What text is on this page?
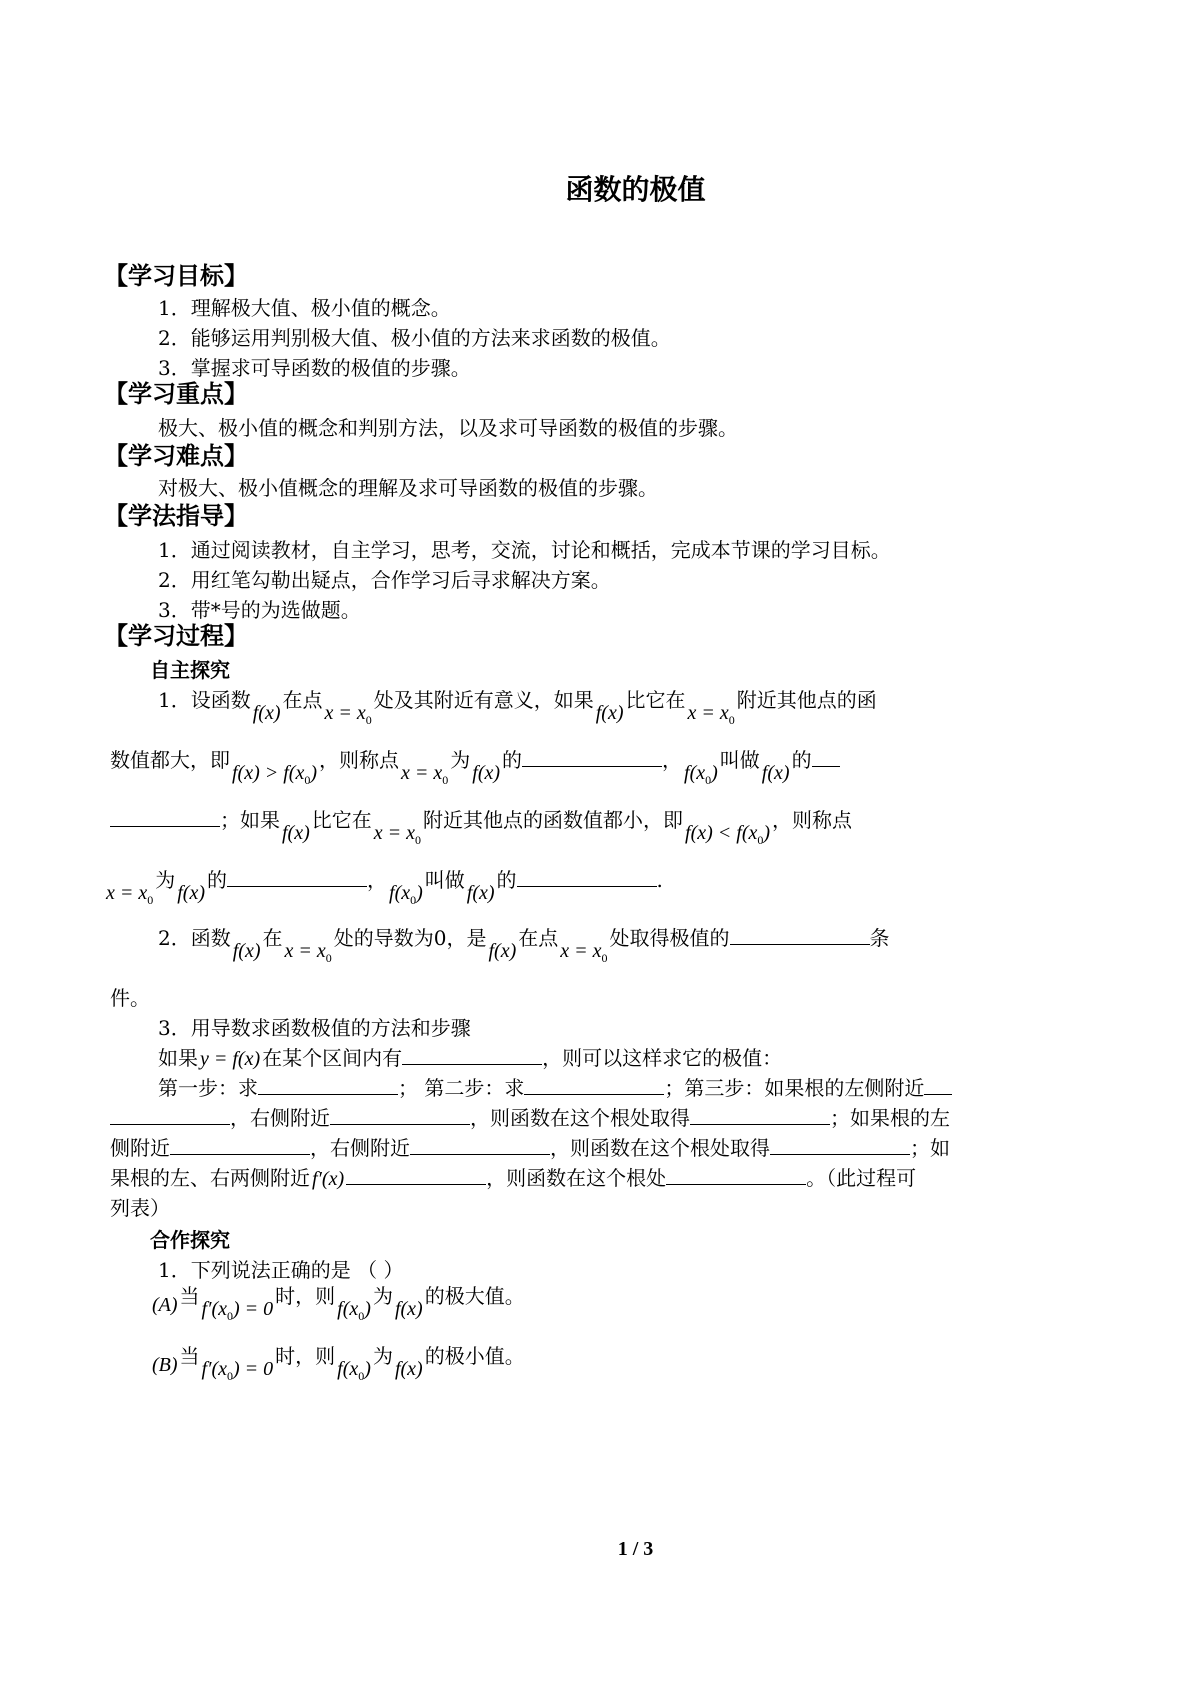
函数的极值
【学习目标】
1．理解极大值、极小值的概念。
2．能够运用判别极大值、极小值的方法来求函数的极值。
3．掌握求可导函数的极值的步骤。
【学习重点】
极大、极小值的概念和判别方法，以及求可导函数的极值的步骤。
【学习难点】
对极大、极小值概念的理解及求可导函数的极值的步骤。
【学法指导】
1．通过阅读教材，自主学习，思考，交流，讨论和概括，完成本节课的学习目标。
2．用红笔勾勒出疑点，合作学习后寻求解决方案。
3．带*号的为选做题。
【学习过程】
自主探究
1．设函数f(x)在点$x = x_0$处及其附近有意义，如果f(x)比它在$x = x_0$附近其他点的函
数值都大，即$f(x) > f(x_0)$，则称点$x = x_0$为f(x)的	，$f(x_0)$叫做f(x)的
；如果f(x)比它在$x = x_0$附近其他点的函数值都小，即$f(x) < f(x_0)$，则称点
$x = x_0$为f(x)的	，$f(x_0)$叫做f(x)的	.
2．函数f(x)在$x = x_0$处的导数为0，是f(x)在点$x = x_0$处取得极值的	条
件。
3．用导数求函数极值的方法和步骤
如果 y = f(x) 在某个区间内有	，则可以这样求它的极值：
第一步：求	； 第二步：求	；第三步：如果根的左侧附近
，右侧附近	，则函数在这个根处取得	；如果根的左
侧附近	，右侧附近	，则函数在这个根处取得	；如
果根的左、右两侧附近 f′(x)	，则函数在这个根处	。（此过程可
列表）
合作探究
1．下列说法正确的是 （ ）
(A) 当$f'(x_0) = 0$时，则$f(x_0)$为f(x)的极大值。
(B) 当$f'(x_0) = 0$时，则$f(x_0)$为f(x)的极小值。
1 / 3
